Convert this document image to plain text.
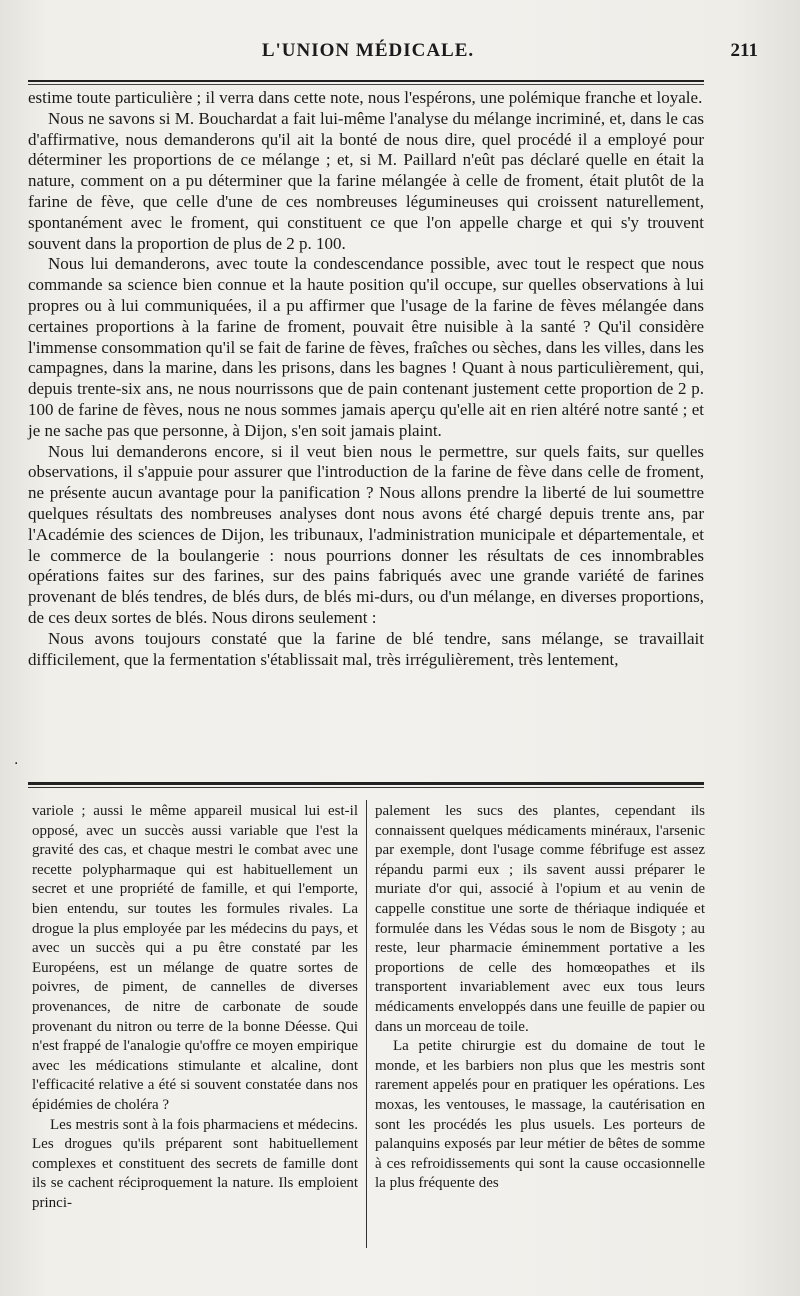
L'UNION MÉDICALE.	211

estime toute particulière ; il verra dans cette note, nous l'espérons, une polémique franche et loyale.

Nous ne savons si M. Bouchardat a fait lui-même l'analyse du mélange incriminé, et, dans le cas d'affirmative, nous demanderons qu'il ait la bonté de nous dire, quel procédé il a employé pour déterminer les proportions de ce mélange ; et, si M. Paillard n'eût pas déclaré quelle en était la nature, comment on a pu déterminer que la farine mélangée à celle de froment, était plutôt de la farine de fève, que celle d'une de ces nombreuses légumineuses qui croissent naturellement, spontanément avec le froment, qui constituent ce que l'on appelle charge et qui s'y trouvent souvent dans la proportion de plus de 2 p. 100.

Nous lui demanderons, avec toute la condescendance possible, avec tout le respect que nous commande sa science bien connue et la haute position qu'il occupe, sur quelles observations à lui propres ou à lui communiquées, il a pu affirmer que l'usage de la farine de fèves mélangée dans certaines proportions à la farine de froment, pouvait être nuisible à la santé ? Qu'il considère l'immense consommation qu'il se fait de farine de fèves, fraîches ou sèches, dans les villes, dans les campagnes, dans la marine, dans les prisons, dans les bagnes ! Quant à nous particulièrement, qui, depuis trente-six ans, ne nous nourrissons que de pain contenant justement cette proportion de 2 p. 100 de farine de fèves, nous ne nous sommes jamais aperçu qu'elle ait en rien altéré notre santé ; et je ne sache pas que personne, à Dijon, s'en soit jamais plaint.

Nous lui demanderons encore, si il veut bien nous le permettre, sur quels faits, sur quelles observations, il s'appuie pour assurer que l'introduction de la farine de fève dans celle de froment, ne présente aucun avantage pour la panification ? Nous allons prendre la liberté de lui soumettre quelques résultats des nombreuses analyses dont nous avons été chargé depuis trente ans, par l'Académie des sciences de Dijon, les tribunaux, l'administration municipale et départementale, et le commerce de la boulangerie : nous pourrions donner les résultats de ces innombrables opérations faites sur des farines, sur des pains fabriqués avec une grande variété de farines provenant de blés tendres, de blés durs, de blés mi-durs, ou d'un mélange, en diverses proportions, de ces deux sortes de blés. Nous dirons seulement :

Nous avons toujours constaté que la farine de blé tendre, sans mélange, se travaillait difficilement, que la fermentation s'établissait mal, très irrégulièrement, très lentement,

·

variole ; aussi le même appareil musical lui est-il opposé, avec un succès aussi variable que l'est la gravité des cas, et chaque mestri le combat avec une recette polypharmaque qui est habituellement un secret et une propriété de famille, et qui l'emporte, bien entendu, sur toutes les formules rivales. La drogue la plus employée par les médecins du pays, et avec un succès qui a pu être constaté par les Européens, est un mélange de quatre sortes de poivres, de piment, de cannelles de diverses provenances, de nitre de carbonate de soude provenant du nitron ou terre de la bonne Déesse. Qui n'est frappé de l'analogie qu'offre ce moyen empirique avec les médications stimulante et alcaline, dont l'efficacité relative a été si souvent constatée dans nos épidémies de choléra ?

Les mestris sont à la fois pharmaciens et médecins. Les drogues qu'ils préparent sont habituellement complexes et constituent des secrets de famille dont ils se cachent réciproquement la nature. Ils emploient princi-

palement les sucs des plantes, cependant ils connaissent quelques médicaments minéraux, l'arsenic par exemple, dont l'usage comme fébrifuge est assez répandu parmi eux ; ils savent aussi préparer le muriate d'or qui, associé à l'opium et au venin de cappelle constitue une sorte de thériaque indiquée et formulée dans les Védas sous le nom de Bisgoty ; au reste, leur pharmacie éminemment portative a les proportions de celle des homœopathes et ils transportent invariablement avec eux tous leurs médicaments enveloppés dans une feuille de papier ou dans un morceau de toile.

La petite chirurgie est du domaine de tout le monde, et les barbiers non plus que les mestris sont rarement appelés pour en pratiquer les opérations. Les moxas, les ventouses, le massage, la cautérisation en sont les procédés les plus usuels. Les porteurs de palanquins exposés par leur métier de bêtes de somme à ces refroidissements qui sont la cause occasionnelle la plus fréquente des
